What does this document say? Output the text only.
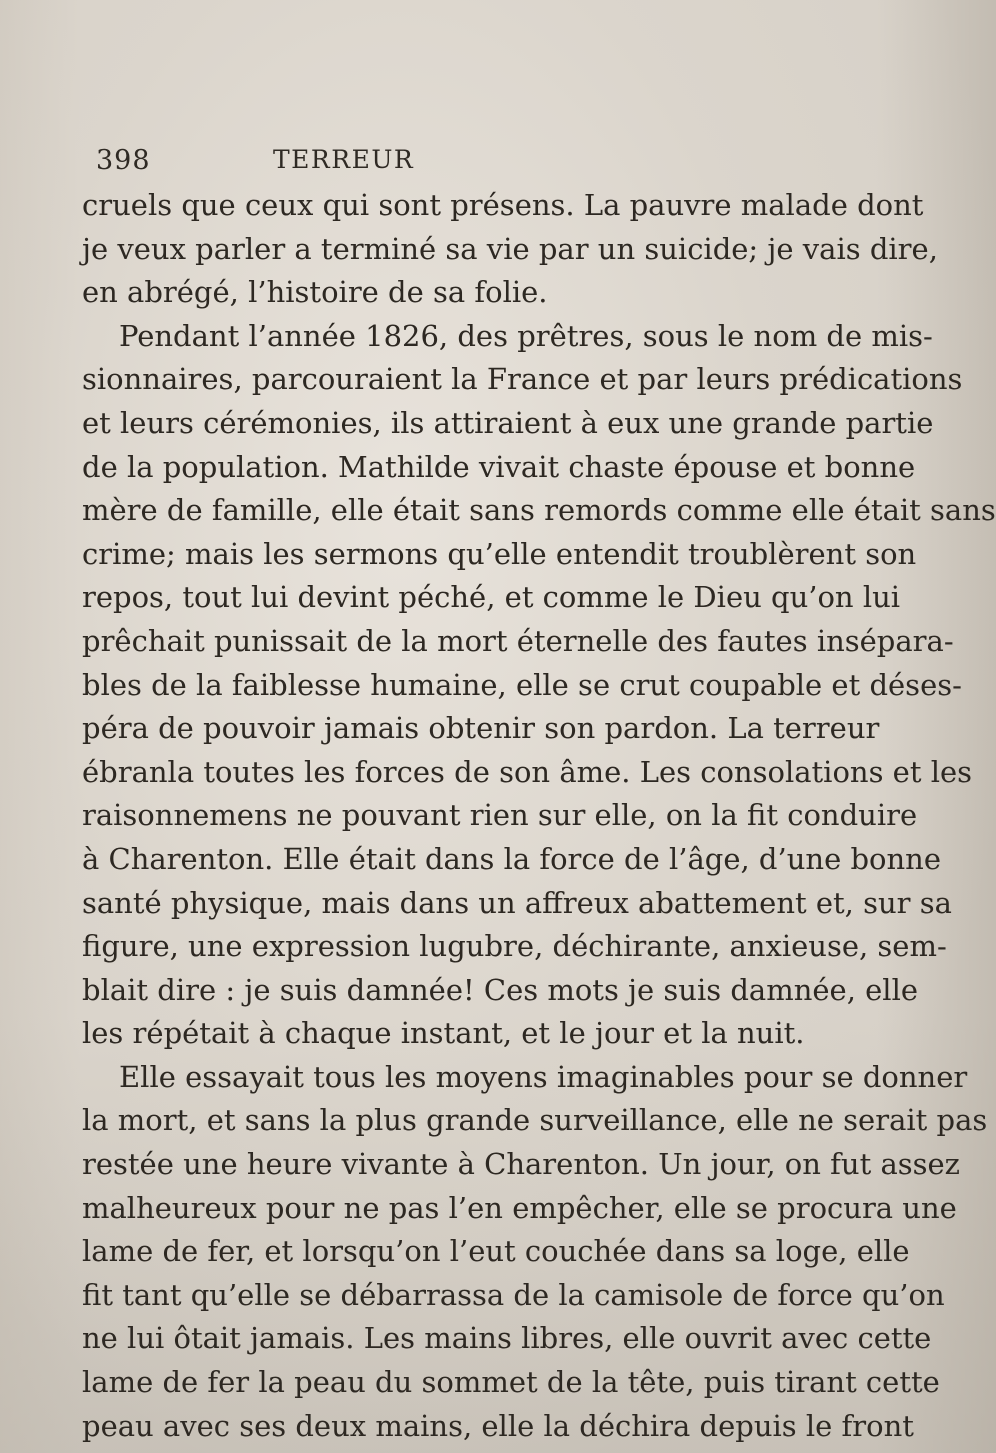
398	TERREUR
cruels que ceux qui sont présens. La pauvre malade dont
je veux parler a terminé sa vie par un suicide; je vais dire,
en abrégé, l’histoire de sa folie.
Pendant l’année 1826, des prêtres, sous le nom de mis-
sionnaires, parcouraient la France et par leurs prédications
et leurs cérémonies, ils attiraient à eux une grande partie
de la population. Mathilde vivait chaste épouse et bonne
mère de famille, elle était sans remords comme elle était sans
crime; mais les sermons qu’elle entendit troublèrent son
repos, tout lui devint péché, et comme le Dieu qu’on lui
prêchait punissait de la mort éternelle des fautes insépara-
bles de la faiblesse humaine, elle se crut coupable et déses-
péra de pouvoir jamais obtenir son pardon. La terreur
ébranla toutes les forces de son âme. Les consolations et les
raisonnemens ne pouvant rien sur elle, on la fit conduire
à Charenton. Elle était dans la force de l’âge, d’une bonne
santé physique, mais dans un affreux abattement et, sur sa
figure, une expression lugubre, déchirante, anxieuse, sem-
blait dire : je suis damnée! Ces mots je suis damnée, elle
les répétait à chaque instant, et le jour et la nuit.
Elle essayait tous les moyens imaginables pour se donner
la mort, et sans la plus grande surveillance, elle ne serait pas
restée une heure vivante à Charenton. Un jour, on fut assez
malheureux pour ne pas l’en empêcher, elle se procura une
lame de fer, et lorsqu’on l’eut couchée dans sa loge, elle
fit tant qu’elle se débarrassa de la camisole de force qu’on
ne lui ôtait jamais. Les mains libres, elle ouvrit avec cette
lame de fer la peau du sommet de la tête, puis tirant cette
peau avec ses deux mains, elle la déchira depuis le front
